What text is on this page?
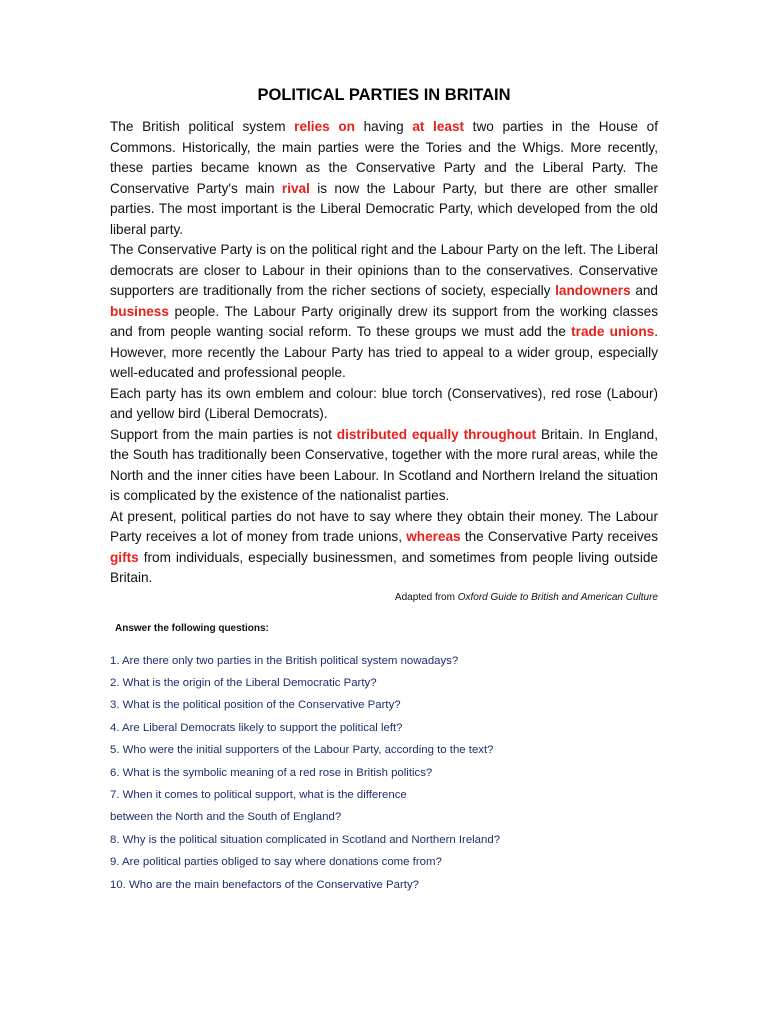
POLITICAL PARTIES IN BRITAIN

The British political system relies on having at least two parties in the House of Commons. Historically, the main parties were the Tories and the Whigs. More recently, these parties became known as the Conservative Party and the Liberal Party. The Conservative Party's main rival is now the Labour Party, but there are other smaller parties. The most important is the Liberal Democratic Party, which developed from the old liberal party.

The Conservative Party is on the political right and the Labour Party on the left. The Liberal democrats are closer to Labour in their opinions than to the conservatives. Conservative supporters are traditionally from the richer sections of society, especially landowners and business people. The Labour Party originally drew its support from the working classes and from people wanting social reform. To these groups we must add the trade unions. However, more recently the Labour Party has tried to appeal to a wider group, especially well-educated and professional people.

Each party has its own emblem and colour: blue torch (Conservatives), red rose (Labour) and yellow bird (Liberal Democrats).

Support from the main parties is not distributed equally throughout Britain. In England, the South has traditionally been Conservative, together with the more rural areas, while the North and the inner cities have been Labour. In Scotland and Northern Ireland the situation is complicated by the existence of the nationalist parties.

At present, political parties do not have to say where they obtain their money. The Labour Party receives a lot of money from trade unions, whereas the Conservative Party receives gifts from individuals, especially businessmen, and sometimes from people living outside Britain.

Adapted from Oxford Guide to British and American Culture
Answer the following questions:
1. Are there only two parties in the British political system nowadays?
2. What is the origin of the Liberal Democratic Party?
3. What is the political position of the Conservative Party?
4. Are Liberal Democrats likely to support the political left?
5. Who were the initial supporters of the Labour Party, according to the text?
6. What is the symbolic meaning of a red rose in British politics?
7. When it comes to political support, what is the difference
between the North and the South of England?
8. Why is the political situation complicated in Scotland and Northern Ireland?
9. Are political parties obliged to say where donations come from?
10. Who are the main benefactors of the Conservative Party?
